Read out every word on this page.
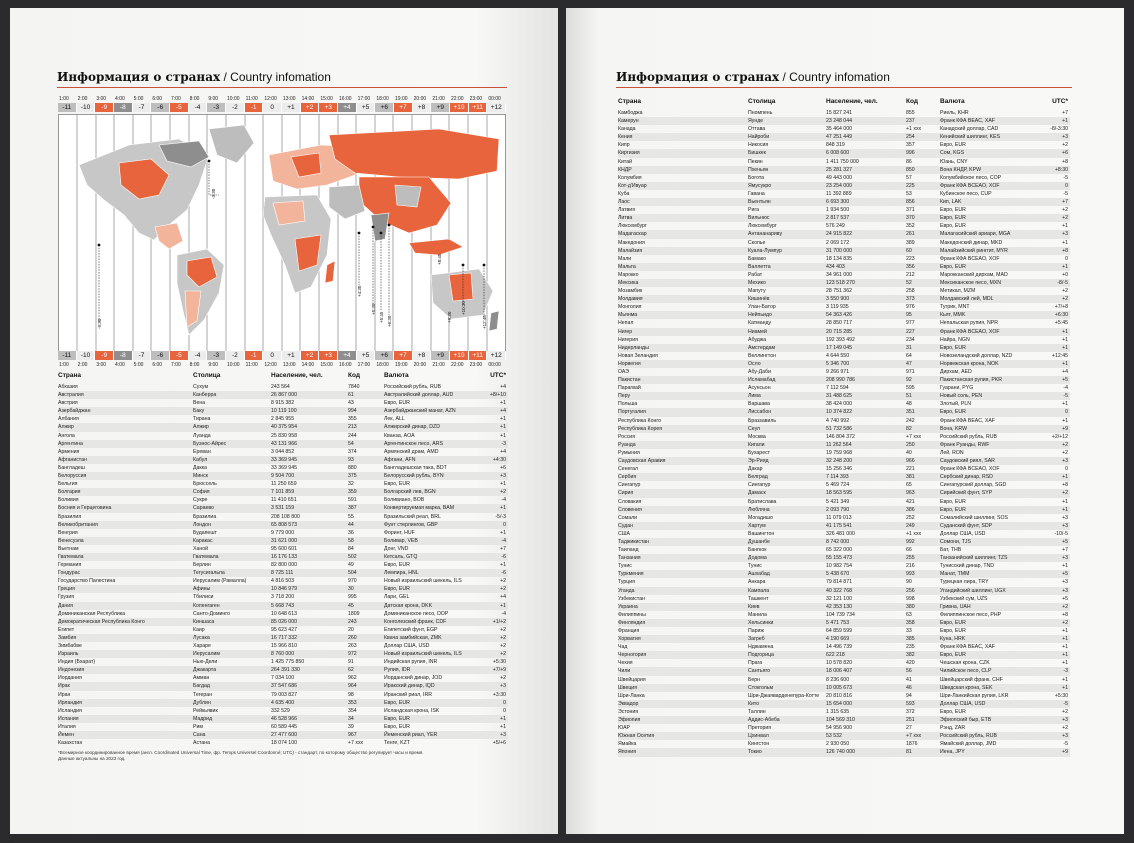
Информация о странах / Country infomation
1:00 2:00 3:00 4:00 5:00 6:00 7:00 8:00 9:00 10:00 11:00 12:00 13:00 14:00 15:00 16:00 17:00 18:00 19:00 20:00 21:00 22:00 23:00 00:00
-11	-10	-9	-8	-7	-6	-5	-4	-3	-2	-1	0	+1	+2	+3	+4	+5	+6	+7	+8	+9	+10	+11	+12
-3:30
-9:30
+4:30
+5:30
+5:45 +6:30
+10:30
+12:45
+9:30
+8:45
-11	-10	-9	-8	-7	-6	-5	-4	-3	-2	-1	0	+1	+2	+3	+4	+5	+6	+7	+8	+9	+10	+11	+12
1:00 2:00 3:00 4:00 5:00 6:00 7:00 8:00 9:00 10:00 11:00 12:00 13:00 14:00 15:00 16:00 17:00 18:00 19:00 20:00 21:00 22:00 23:00 00:00
Страна	Столица	Население, чел.	Код	Валюта	UTC*
Абхазия	Сухум	243 564	7840	Российский рубль, RUB	+4
Австралия	Канберра	26 867 000	61	Австралийский доллар, AUD	+8/+10
Австрия	Вена	8 915 382	43	Евро, EUR	+1
Азербайджан	Баку	10 119 100	994	Азербайджанский манат, AZN	+4
Албания	Тирана	2 845 955	355	Лек, ALL	+1
Алжир	Алжир	40 375 954	213	Алжирский динар, DZD	+1
Ангола	Луанда	25 830 958	244	Кванза, AOA	+1
Аргентина	Буэнос-Айрес	43 131 966	54	Аргентинское песо, ARS	-3
Армения	Ереван	3 044 852	374	Армянский драм, AMD	+4
Афганистан	Кабул	33 369 945	93	Афгани, AFN	+4:30
Бангладеш	Дакка	33 369 945	880	Бангладешская така, BDT	+6
Белоруссия	Минск	9 504 700	375	Белорусский рубль, BYN	+3
Бельгия	Брюссель	11 250 659	32	Евро, EUR	+1
Болгария	София	7 101 859	359	Болгарский лев, BGN	+2
Боливия	Сукре	11 410 651	591	Боливиано, BOB	-4
Босния и Герцеговина	Сараево	3 531 159	387	Конвертируемая марка, BAM	+1
Бразилия	Бразилиа	208 108 800	55	Бразильский реал, BRL	-5/-3
Великобритания	Лондон	65 808 573	44	Фунт стерлингов, GBP	0
Венгрия	Будапешт	9 779 000	36	Форинт, HUF	+1
Венесуэла	Каракас	31 621 000	58	Боливар, VEB	-4
Вьетнам	Ханой	95 600 601	84	Донг, VND	+7
Гватемала	Гватемала	16 176 133	502	Кетсаль, GTQ	-6
Германия	Берлин	82 800 000	49	Евро, EUR	+1
Гондурас	Тегусигальпа	8 725 111	504	Лемпира, HNL	-6
Государство Палестина	Иерусалим (Рамалла)	4 816 503	970	Новый израильский шекель, ILS	+2
Греция	Афины	10 846 979	30	Евро, EUR	+2
Грузия	Тбилиси	3 718 200	995	Лари, GEL	+4
Дания	Копенгаген	5 668 743	45	Датская крона, DKK	+1
Доминиканская Республика	Санто-Доминго	10 648 613	1809	Доминиканское песо, DOP	-4
Демократическая Республика Конго	Киншаса	85 026 000	243	Конголезский франк, CDF	+1/+2
Египет	Каир	95 623 427	20	Египетский фунт, EGP	+2
Замбия	Лусака	16 717 332	260	Квача замбийская, ZMK	+2
Зимбабве	Хараре	15 966 810	263	Доллар США, USD	+2
Израиль	Иерусалим	8 760 000	972	Новый израильский шекель, ILS	+2
Индия (Бхарат)	Нью-Дели	1 425 775 850	91	Индийская рупия, INR	+5:30
Индонезия	Джакарта	264 391 330	62	Рупия, IDR	+7/+9
Иордания	Амман	7 034 100	962	Иорданский динар, JOD	+2
Ирак	Багдад	37 547 686	964	Иракский динар, IQD	+3
Иран	Тегеран	79 003 827	98	Иранский риал, IRR	+3:30
Ирландия	Дублин	4 635 400	353	Евро, EUR	0
Исландия	Рейкьявик	332 529	354	Исландская крона, ISK	0
Испания	Мадрид	46 528 966	34	Евро, EUR	+1
Италия	Рим	60 589 445	39	Евро, EUR	+1
Йемен	Сана	27 477 600	967	Йеменский риал, YER	+3
Казахстан	Астана	18 074 100	+7 ххх	Тенге, KZT	+5/+6
*Всемирное координированное время (англ. Coordinated Universal Time, фр. Temps Universel Coordonné; UTC) - стандарт, по которому общество регулирует часы и время.
Данные актуальны на 2023 год.
Информация о странах / Country infomation
Страна	Столица	Население, чел.	Код	Валюта	UTC*
Камбоджа	Пномпень	15 827 241	855	Риель, KHR	+7
Камерун	Яунде	23 248 044	237	Франк КФА BEAC, XAF	+1
Канада	Оттава	35 464 000	+1 ххх	Канадский доллар, CAD	-8/-3:30
Кения	Найроби	47 251 449	254	Кенийский шиллинг, KES	+3
Кипр	Никосия	848 319	357	Евро, EUR	+2
Киргизия	Бишкек	6 008 600	996	Сом, KGS	+6
Китай	Пекин	1 411 750 000	86	Юань, CNY	+8
КНДР	Пхеньян	25 281 327	850	Вона КНДР, KPW	+8:30
Колумбия	Богота	49 443 000	57	Колумбийское песо, COP	-5
Кот-д'Ивуар	Ямусукро	23 254 000	225	Франк КФА BCEAO, XOF	0
Куба	Гавана	11 392 889	53	Кубинское песо, CUP	-5
Лаос	Вьентьян	6 693 300	856	Кип, LAK	+7
Латвия	Рига	1 934 500	371	Евро, EUR	+2
Литва	Вильнюс	2 817 537	370	Евро, EUR	+2
Люксембург	Люксембург	576 249	352	Евро, EUR	+1
Мадагаскар	Антананариву	24 915 822	261	Малагасийский ариари, MGA	+3
Македония	Скопье	2 069 172	389	Македонский динар, MKD	+1
Малайзия	Куала-Лумпур	31 700 000	60	Малайзийский ринггит, MYR	+8
Мали	Бамако	18 134 835	223	Франк КФА BCEAO, XOF	0
Мальта	Валлетта	434 403	356	Евро, EUR	+1
Марокко	Рабат	34 961 000	212	Марокканский дирхам, MAD	+0
Мексика	Мехико	123 518 270	52	Мексиканское песо, MXN	-8/-5
Мозамбик	Мапуту	28 751 362	258	Метикал, MZM	+2
Молдавия	Кишинёв	3 550 900	373	Молдавский лей, MDL	+2
Монголия	Улан-Батор	3 119 935	976	Тугрик, MNT	+7/+8
Мьянма	Нейпьидо	54 363 426	95	Кьят, MMK	+6:30
Непал	Катманду	28 850 717	977	Непальская рупия, NPR	+5:45
Нигер	Ниамей	20 715 285	227	Франк КФА BCEAO, XOF	+1
Нигерия	Абуджа	192 393 492	234	Найра, NGN	+1
Нидерланды	Амстердам	17 149 045	31	Евро, EUR	+1
Новая Зеландия	Веллингтон	4 644 550	64	Новозеландский доллар, NZD	+12:45
Норвегия	Осло	5 346 700	47	Норвежская крона, NOK	+1
ОАЭ	Абу-Даби	9 266 971	971	Дирхам, AED	+4
Пакистан	Исламабад	208 990 786	92	Пакистанская рупия, PKR	+5
Парагвай	Асунсьон	7 112 594	595	Гуарани, PYG	-4
Перу	Лима	31 488 625	51	Новый соль, PEN	-5
Польша	Варшава	38 424 000	48	Злотый, PLN	+1
Португалия	Лиссабон	10 374 822	351	Евро, EUR	0
Республика Конго	Браззавиль	4 740 992	242	Франк КФА BEAC, XAF	+1
Республика Корея	Сеул	51 732 586	82	Вона, KRW	+9
Россия	Москва	146 804 372	+7 ххх	Российский рубль, RUB	+2/+12
Руанда	Кигали	11 262 564	250	Франк Руанды, RWF	+2
Румыния	Бухарест	19 759 968	40	Лей, RON	+2
Саудовская Аравия	Эр-Рияд	32 248 200	966	Саудовский риял, SAR	+3
Сенегал	Дакар	15 256 346	221	Франк КФА BCEAO, XOF	0
Сербия	Белград	7 114 393	381	Сербский динар, RSD	+1
Сингапур	Сингапур	5 469 724	65	Сингапурский доллар, SGD	+8
Сирия	Дамаск	18 563 595	963	Сирийский фунт, SYP	+2
Словакия	Братислава	5 421 349	421	Евро, EUR	+1
Словения	Любляна	2 093 790	386	Евро, EUR	+1
Сомали	Могадишо	11 079 013	252	Сомалийский шиллинг, SOS	+3
Судан	Хартум	41 175 541	249	Суданский фунт, SDP	+3
США	Вашингтон	326 481 000	+1 ххх	Доллар США, USD	-10/-5
Таджикистан	Душанбе	8 742 000	992	Сомони, TJS	+5
Таиланд	Бангкок	65 322 000	66	Бат, THB	+7
Танзания	Додома	55 155 473	255	Танзанийский шиллинг, TZS	+3
Тунис	Тунис	10 982 754	216	Тунисский динар, TND	+1
Туркмения	Ашхабад	5 438 670	993	Манат, TMM	+5
Турция	Анкара	79 814 871	90	Турецкая лира, TRY	+3
Уганда	Кампала	40 322 768	256	Угандийский шиллинг, UGX	+3
Узбекистан	Ташкент	32 121 100	998	Узбекский сум, UZS	+5
Украина	Киев	42 353 130	380	Гривна, UAH	+2
Филиппины	Манила	104 739 734	63	Филиппинское песо, PHP	+8
Финляндия	Хельсинки	5 471 753	358	Евро, EUR	+2
Франция	Париж	64 859 599	33	Евро, EUR	+1
Хорватия	Загреб	4 190 669	385	Куна, HRK	+1
Чад	Нджамена	14 496 739	235	Франк КФА BEAC, XAF	+1
Черногория	Подгорица	622 218	382	Евро, EUR	+1
Чехия	Прага	10 578 820	420	Чешская крона, CZK	+1
Чили	Сантьяго	18 006 407	56	Чилийское песо, CLP	-3
Швейцария	Берн	8 236 600	41	Швейцарский франк, CHF	+1
Швеция	Стокгольм	10 005 673	46	Шведская крона, SEK	+1
Шри-Ланка	Шри-Джаяварденепура-Котте	20 810 816	94	Шри-Ланкийская рупия, LKR	+5:30
Эквадор	Кито	15 654 000	593	Доллар США, USD	-5
Эстония	Таллин	1 315 635	372	Евро, EUR	+2
Эфиопия	Аддис-Абеба	104 569 310	251	Эфиопский быр, ETB	+3
ЮАР	Претория	54 956 900	27	Рэнд, ZAR	+2
Южная Осетия	Цхинвал	53 532	+7 ххх	Российский рубль, RUB	+3
Ямайка	Кингстон	2 930 050	1876	Ямайский доллар, JMD	-5
Япония	Токио	126 740 000	81	Иена, JPY	+9
